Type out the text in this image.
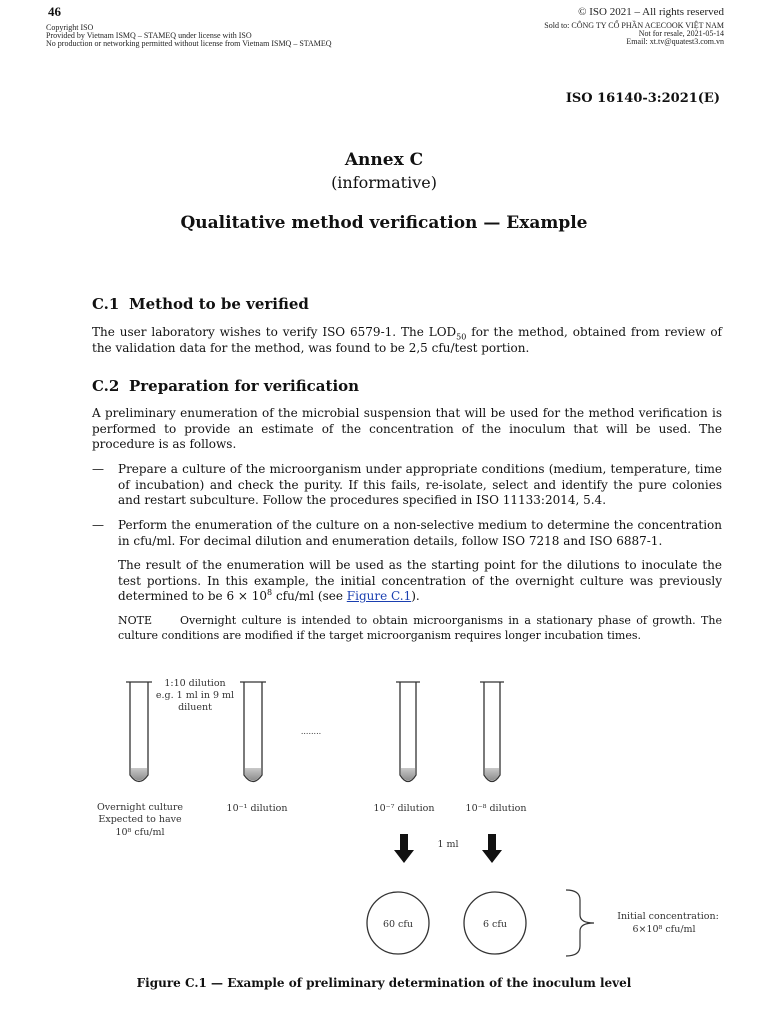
46
Copyright ISO
Provided by Vietnam ISMQ – STAMEQ under license with ISO
No production or networking permitted without license from Vietnam ISMQ – STAMEQ
© ISO 2021 – All rights reserved
Sold to: CÔNG TY CỔ PHẦN ACECOOK VIỆT NAM
Not for resale, 2021-05-14
Email: xt.tv@quatest3.com.vn
ISO 16140-3:2021(E)
Annex C
(informative)
Qualitative method verification — Example
C.1 Method to be verified
The user laboratory wishes to verify ISO 6579-1. The $LOD_{50}$ for the method, obtained from review of the validation data for the method, was found to be 2,5 cfu/test portion.
C.2 Preparation for verification
A preliminary enumeration of the microbial suspension that will be used for the method verification is performed to provide an estimate of the concentration of the inoculum that will be used. The procedure is as follows.
— Prepare a culture of the microorganism under appropriate conditions (medium, temperature, time of incubation) and check the purity. If this fails, re-isolate, select and identify the pure colonies and restart subculture. Follow the procedures specified in ISO 11133:2014, 5.4.
— Perform the enumeration of the culture on a non-selective medium to determine the concentration in cfu/ml. For decimal dilution and enumeration details, follow ISO 7218 and ISO 6887-1.
The result of the enumeration will be used as the starting point for the dilutions to inoculate the test portions. In this example, the initial concentration of the overnight culture was previously determined to be $6 \times 10^8$ cfu/ml (see Figure C.1).
NOTE	Overnight culture is intended to obtain microorganisms in a stationary phase of growth. The culture conditions are modified if the target microorganism requires longer incubation times.
1:10 dilution
e.g. 1 ml in 9 ml
diluent
........
Overnight culture
Expected to have
10⁸ cfu/ml
10⁻¹ dilution	10⁻⁷ dilution	10⁻⁸ dilution
1 ml
60 cfu	6 cfu
Initial concentration:
6×10⁸ cfu/ml
Figure C.1 — Example of preliminary determination of the inoculum level
